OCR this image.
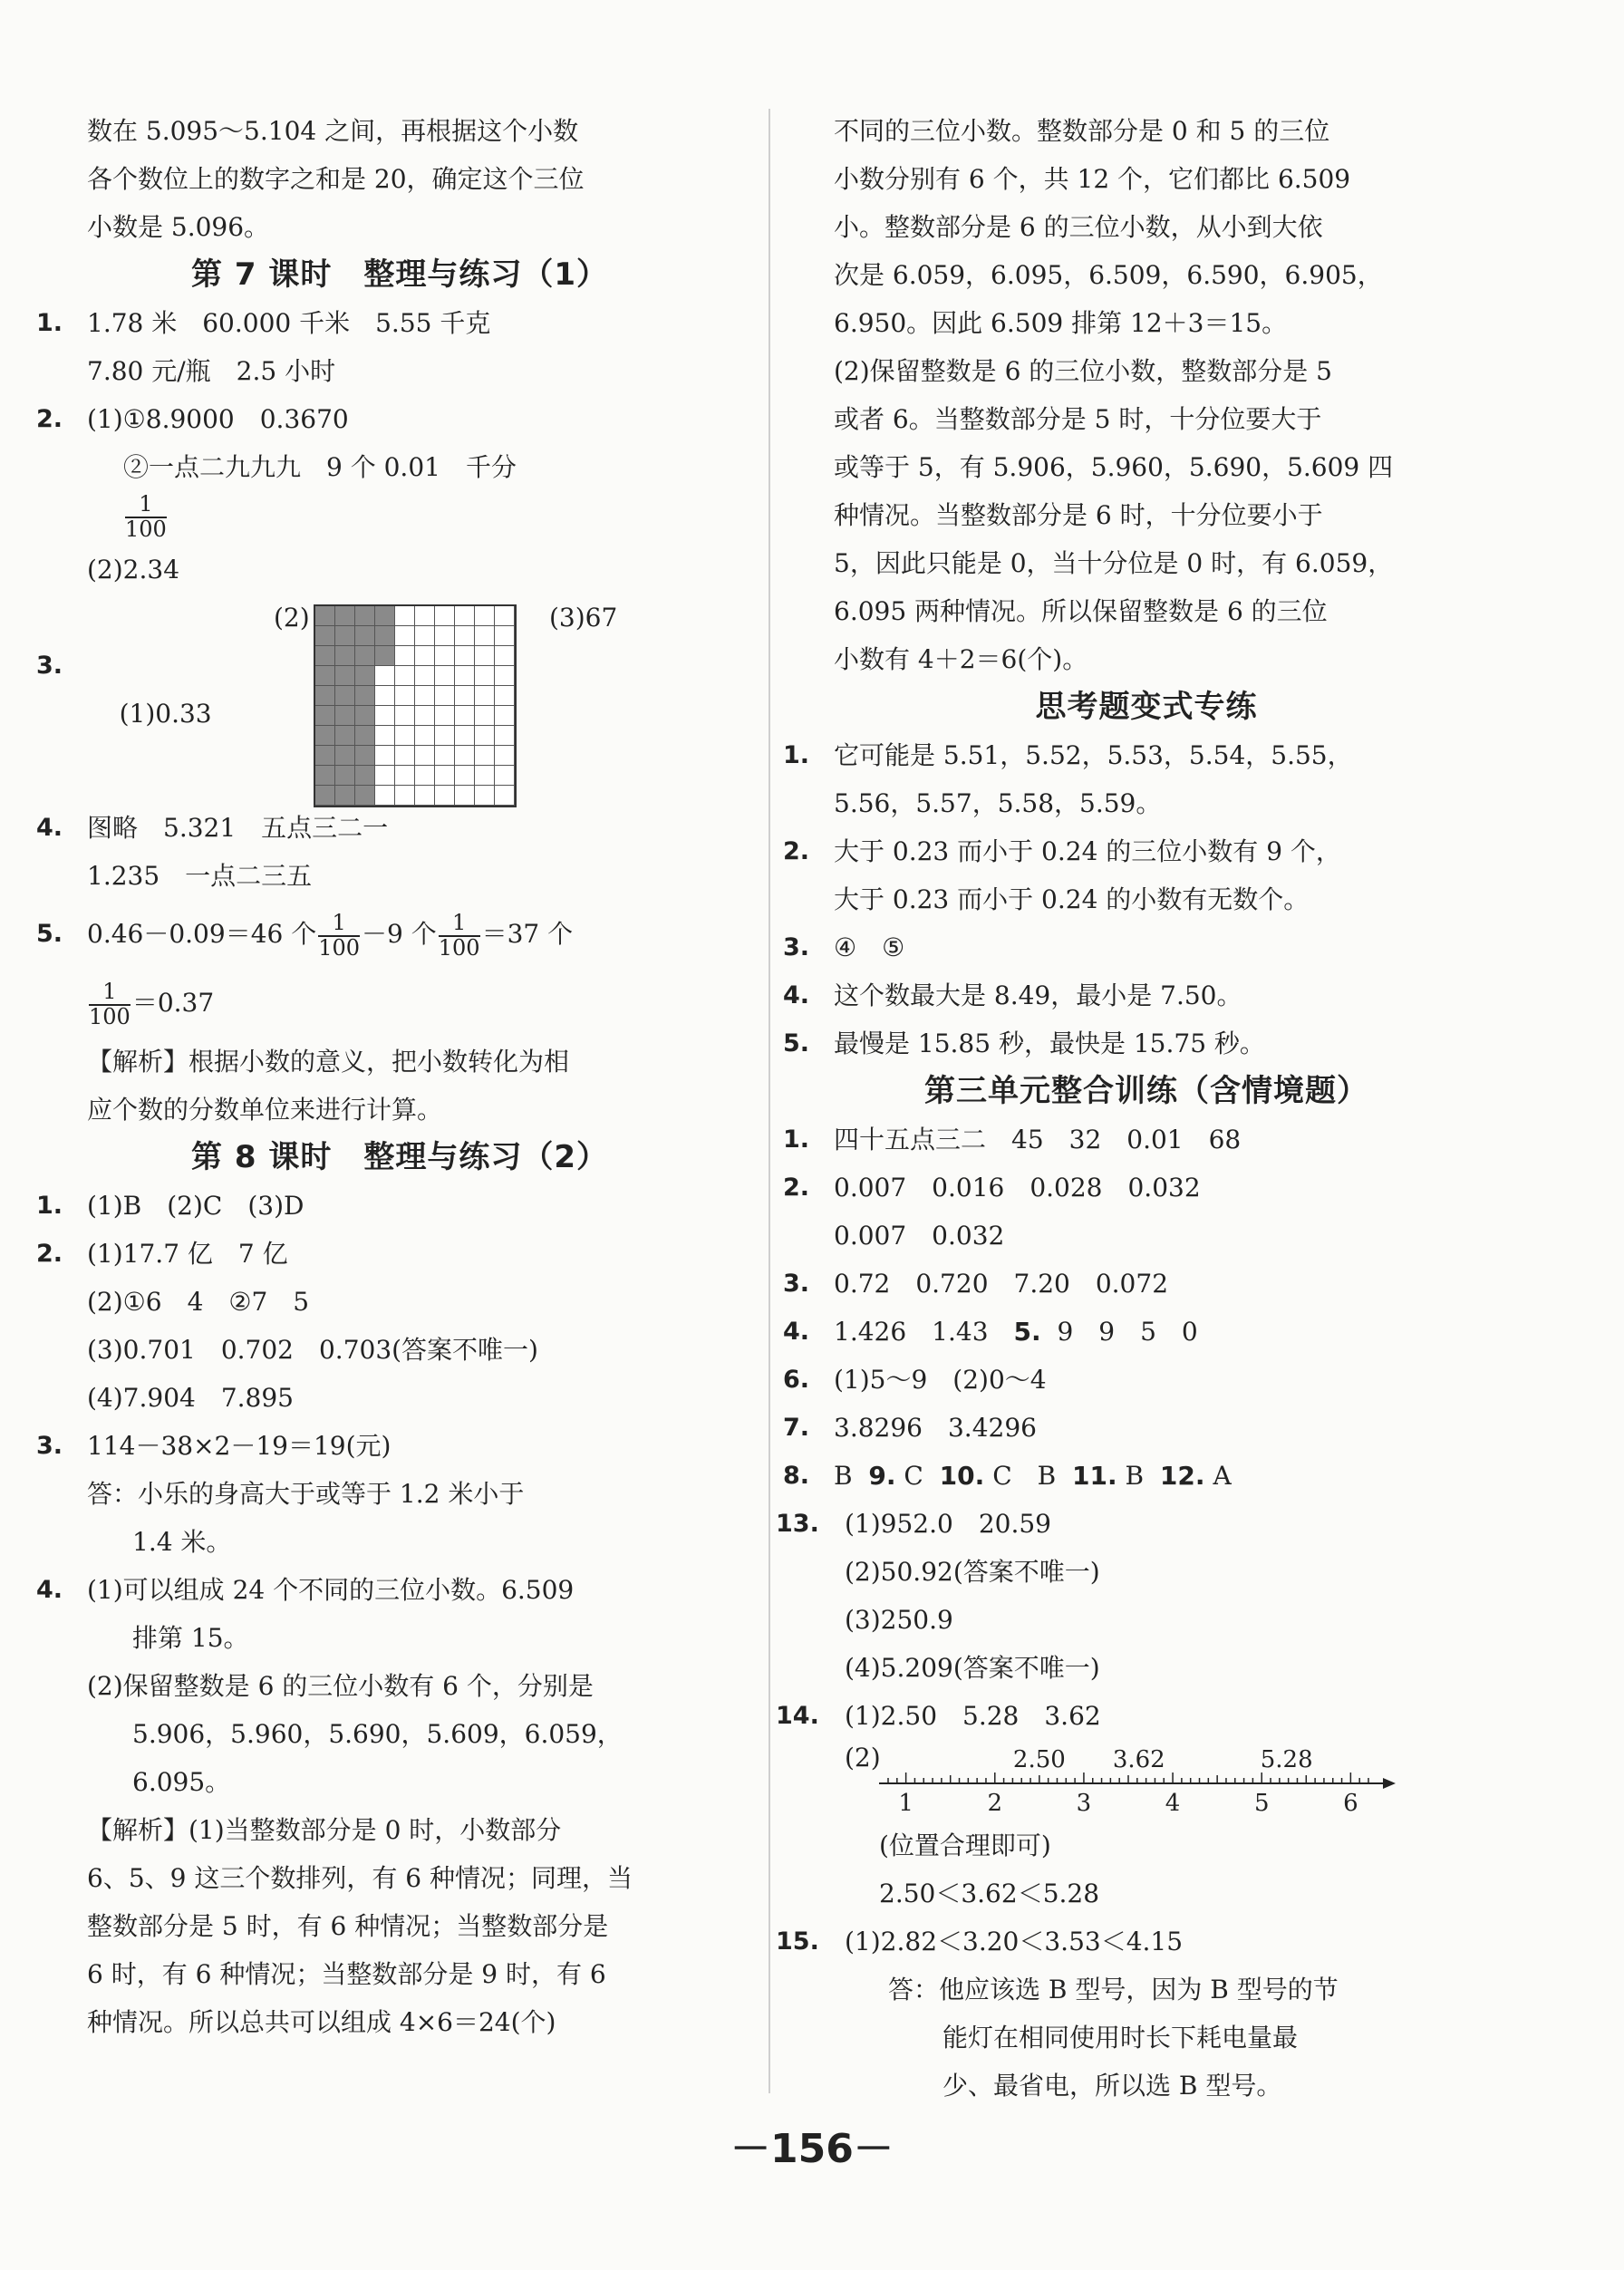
数在 5.095～5.104 之间，再根据这个小数
各个数位上的数字之和是 20，确定这个三位
小数是 5.096。
第 7 课时　整理与练习（1）
1. 1.78 米　60.000 千米　5.55 千克
7.80 元/瓶　2.5 小时
2. (1)①8.9000　0.3670
②一点二九九九　9 个 0.01　千分
$\frac{1}{100}$
(2)2.34

3.

(1)0.33

(2)

	(3)67

4. 图略　5.321　五点三二一
1.235　一点二三五
5. 0.46－0.09＝46 个 $\frac{1}{100} -9$ 个 $\frac{1}{100} =37$ 个
$\frac{1}{100} =0.37$
【解析】根据小数的意义，把小数转化为相
应个数的分数单位来进行计算。
第 8 课时　整理与练习（2）
1. (1)B　(2)C　(3)D
2. (1)17.7 亿　7 亿
(2)①6　4　②7　5
(3)0.701　0.702　0.703(答案不唯一)
(4)7.904　7.895
3. 114－38×2－19＝19(元)
答：小乐的身高大于或等于 1.2 米小于
1.4 米。
4. (1)可以组成 24 个不同的三位小数。6.509
排第 15。
(2)保留整数是 6 的三位小数有 6 个，分别是
5.906，5.960，5.690，5.609，6.059，
6.095。
【解析】(1)当整数部分是 0 时，小数部分
6、5、9 这三个数排列，有 6 种情况；同理，当
整数部分是 5 时，有 6 种情况；当整数部分是
6 时，有 6 种情况；当整数部分是 9 时，有 6
种情况。所以总共可以组成 4×6＝24(个)
不同的三位小数。整数部分是 0 和 5 的三位
小数分别有 6 个，共 12 个，它们都比 6.509
小。整数部分是 6 的三位小数，从小到大依
次是 6.059，6.095，6.509，6.590，6.905，
6.950。因此 6.509 排第 12＋3＝15。
(2)保留整数是 6 的三位小数，整数部分是 5
或者 6。当整数部分是 5 时，十分位要大于
或等于 5，有 5.906，5.960，5.690，5.609 四
种情况。当整数部分是 6 时，十分位要小于
5，因此只能是 0，当十分位是 0 时，有 6.059，
6.095 两种情况。所以保留整数是 6 的三位
小数有 4＋2＝6(个)。
思考题变式专练
1. 它可能是 5.51，5.52，5.53，5.54，5.55，
5.56，5.57，5.58，5.59。
2. 大于 0.23 而小于 0.24 的三位小数有 9 个，
大于 0.23 而小于 0.24 的小数有无数个。
3. ④　⑤
4. 这个数最大是 8.49，最小是 7.50。
5. 最慢是 15.85 秒，最快是 15.75 秒。
第三单元整合训练（含情境题）
1. 四十五点三二　45　32　0.01　68
2. 0.007　0.016　0.028　0.032
0.007　0.032
3. 0.72　0.720　7.20　0.072
4. 1.426　1.43　 5. 9　9　5　0
6. (1)5～9　(2)0～4
7. 3.8296　3.4296
8. B 9. C 10. C　B 11. B 12. A
13. (1)952.0　20.59
(2)50.92(答案不唯一)
(3)250.9
(4)5.209(答案不唯一)
14. (1)2.50　5.28　3.62
(2)
1	2	3	4	5	6
2.50 3.62	5.28
(位置合理即可)
2.50＜3.62＜5.28
15. (1)2.82＜3.20＜3.53＜4.15
答：他应该选 B 型号，因为 B 型号的节
能灯在相同使用时长下耗电量最
少、最省电，所以选 B 型号。
－156－
